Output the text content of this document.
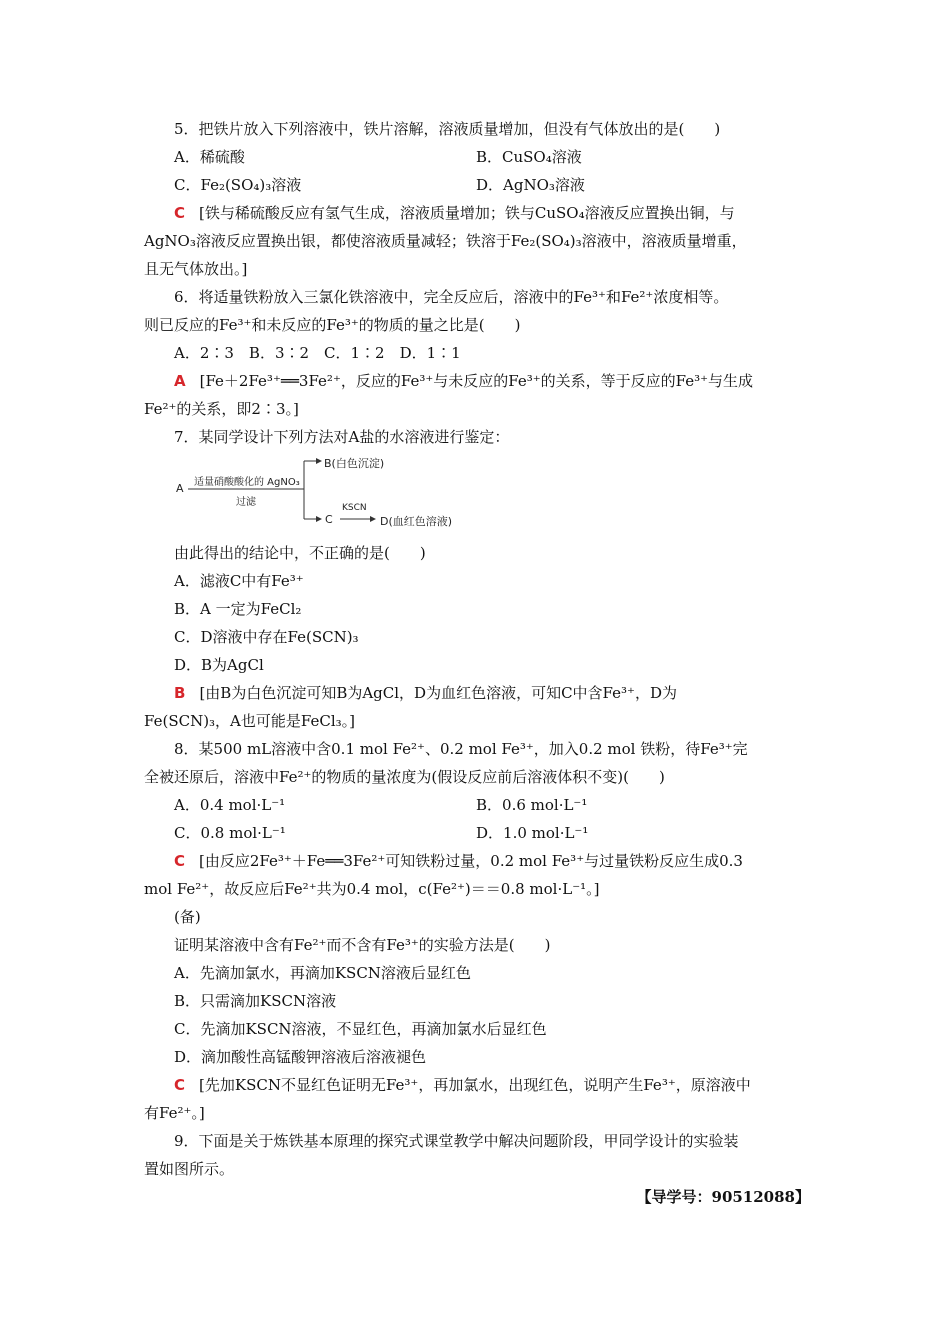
5．把铁片放入下列溶液中，铁片溶解，溶液质量增加，但没有气体放出的是(　　)
A．稀硫酸	B．CuSO₄溶液
C．Fe₂(SO₄)₃溶液	D．AgNO₃溶液
C [铁与稀硫酸反应有氢气生成，溶液质量增加；铁与CuSO₄溶液反应置换出铜，与
AgNO₃溶液反应置换出银，都使溶液质量减轻；铁溶于Fe₂(SO₄)₃溶液中，溶液质量增重，
且无气体放出。]
6．将适量铁粉放入三氯化铁溶液中，完全反应后，溶液中的Fe³⁺和Fe²⁺浓度相等。
则已反应的Fe³⁺和未反应的Fe³⁺的物质的量之比是(　　)
A．2∶3　B．3∶2　C．1∶2　D．1∶1
A [Fe＋2Fe³⁺══3Fe²⁺，反应的Fe³⁺与未反应的Fe³⁺的关系，等于反应的Fe³⁺与生成
Fe²⁺的关系，即2∶3。]
7．某同学设计下列方法对A盐的水溶液进行鉴定：
A 适量硝酸酸化的 AgNO₃
过滤
B(白色沉淀)
C
KSCN
D(血红色溶液)
由此得出的结论中，不正确的是(　　)
A．滤液C中有Fe³⁺
B．A 一定为FeCl₂
C．D溶液中存在Fe(SCN)₃
D．B为AgCl
B [由B为白色沉淀可知B为AgCl，D为血红色溶液，可知C中含Fe³⁺，D为
Fe(SCN)₃，A也可能是FeCl₃。]
8．某500 mL溶液中含0.1 mol Fe²⁺、0.2 mol Fe³⁺，加入0.2 mol 铁粉，待Fe³⁺完
全被还原后，溶液中Fe²⁺的物质的量浓度为(假设反应前后溶液体积不变)(　　)
A．0.4 mol·L⁻¹	B．0.6 mol·L⁻¹
C．0.8 mol·L⁻¹	D．1.0 mol·L⁻¹
C [由反应2Fe³⁺＋Fe══3Fe²⁺可知铁粉过量，0.2 mol Fe³⁺与过量铁粉反应生成0.3
mol Fe²⁺，故反应后Fe²⁺共为0.4 mol，c(Fe²⁺)＝＝0.8 mol·L⁻¹。]
(备)
证明某溶液中含有Fe²⁺而不含有Fe³⁺的实验方法是(　　)
A．先滴加氯水，再滴加KSCN溶液后显红色
B．只需滴加KSCN溶液
C．先滴加KSCN溶液，不显红色，再滴加氯水后显红色
D．滴加酸性高锰酸钾溶液后溶液褪色
C [先加KSCN不显红色证明无Fe³⁺，再加氯水，出现红色，说明产生Fe³⁺，原溶液中
有Fe²⁺。]
9．下面是关于炼铁基本原理的探究式课堂教学中解决问题阶段，甲同学设计的实验装
置如图所示。
【导学号：90512088】
